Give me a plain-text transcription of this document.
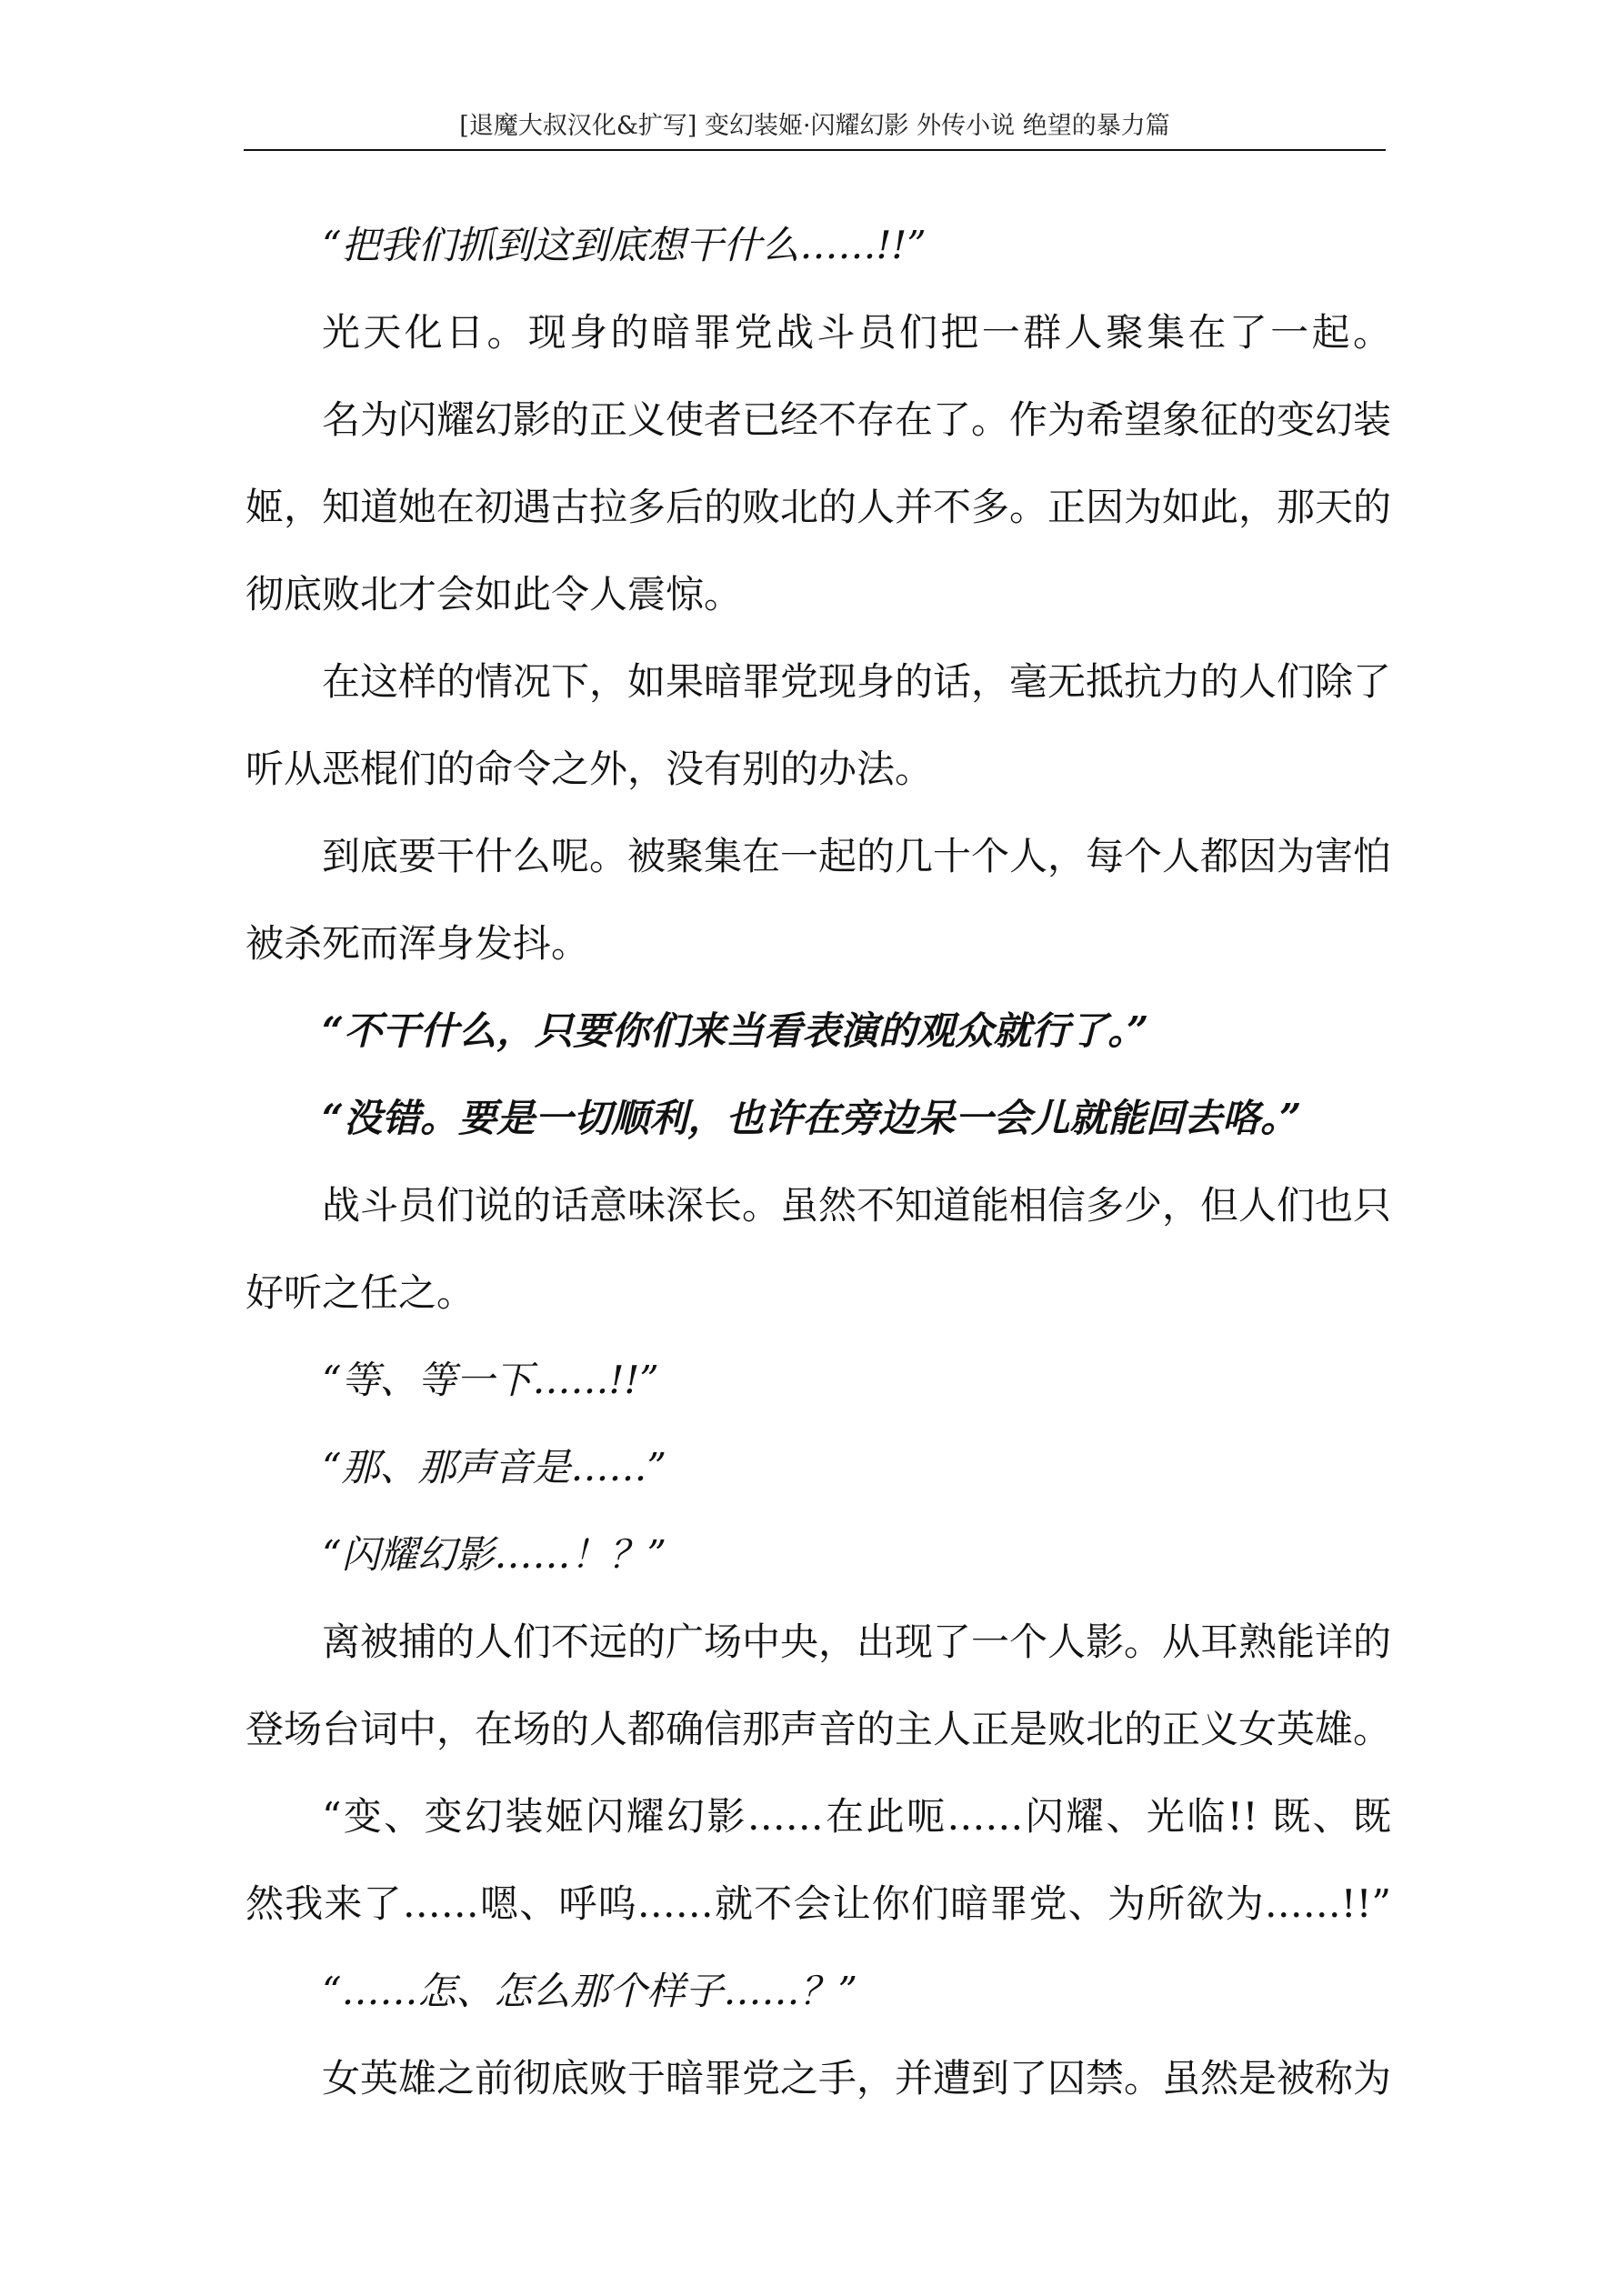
[退魔大叔汉化&扩写] 变幻装姬·闪耀幻影 外传小说 绝望的暴力篇
“把我们抓到这到底想干什么……!!”
光天化日。现身的暗罪党战斗员们把一群人聚集在了一起。
名为闪耀幻影的正义使者已经不存在了。作为希望象征的变幻装
姬，知道她在初遇古拉多后的败北的人并不多。正因为如此，那天的
彻底败北才会如此令人震惊。
在这样的情况下，如果暗罪党现身的话，毫无抵抗力的人们除了
听从恶棍们的命令之外，没有别的办法。
到底要干什么呢。被聚集在一起的几十个人，每个人都因为害怕
被杀死而浑身发抖。
“不干什么，只要你们来当看表演的观众就行了。”
“没错。要是一切顺利，也许在旁边呆一会儿就能回去咯。”
战斗员们说的话意味深长。虽然不知道能相信多少，但人们也只
好听之任之。
“等、等一下……!!”
“那、那声音是……”
“闪耀幻影……！？”
离被捕的人们不远的广场中央，出现了一个人影。从耳熟能详的
登场台词中，在场的人都确信那声音的主人正是败北的正义女英雄。
“变、变幻装姬闪耀幻影……在此呃……闪耀、光临!! 既、既
然我来了……嗯、呼呜……就不会让你们暗罪党、为所欲为……!!”
“……怎、怎么那个样子……？”
女英雄之前彻底败于暗罪党之手，并遭到了囚禁。虽然是被称为
